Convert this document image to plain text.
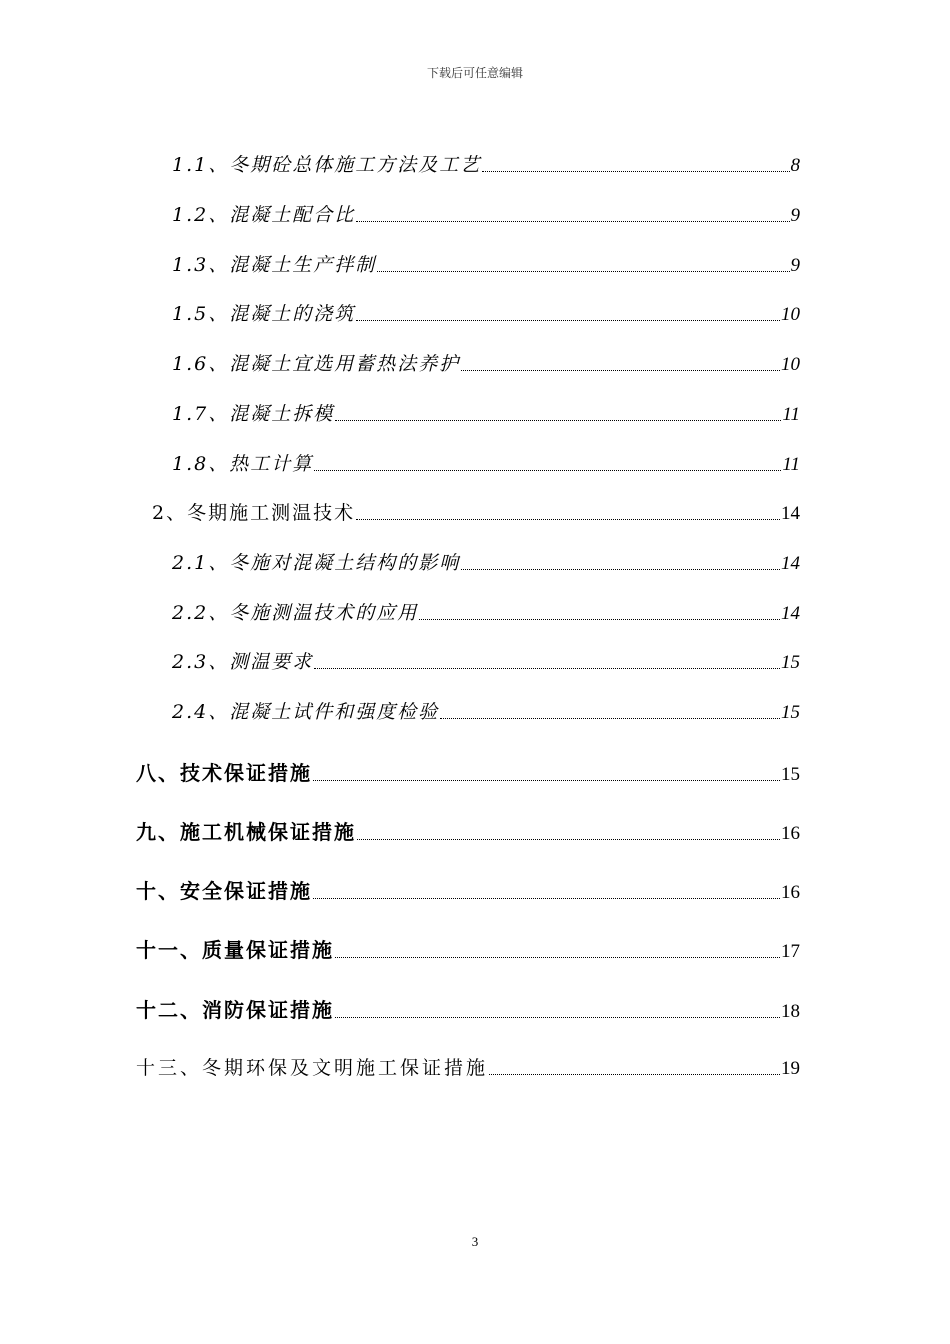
下载后可任意编辑
1.1、冬期砼总体施工方法及工艺	8
1.2、混凝土配合比	9
1.3、混凝土生产拌制	9
1.5、混凝土的浇筑	10
1.6、混凝土宜选用蓄热法养护	10
1.7、混凝土拆模	11
1.8、热工计算	11
2、冬期施工测温技术	14
2.1、冬施对混凝土结构的影响	14
2.2、冬施测温技术的应用	14
2.3、测温要求	15
2.4、混凝土试件和强度检验	15
八、技术保证措施	15
九、施工机械保证措施	16
十、安全保证措施	16
十一、质量保证措施	17
十二、消防保证措施	18
十三、冬期环保及文明施工保证措施	19
3
